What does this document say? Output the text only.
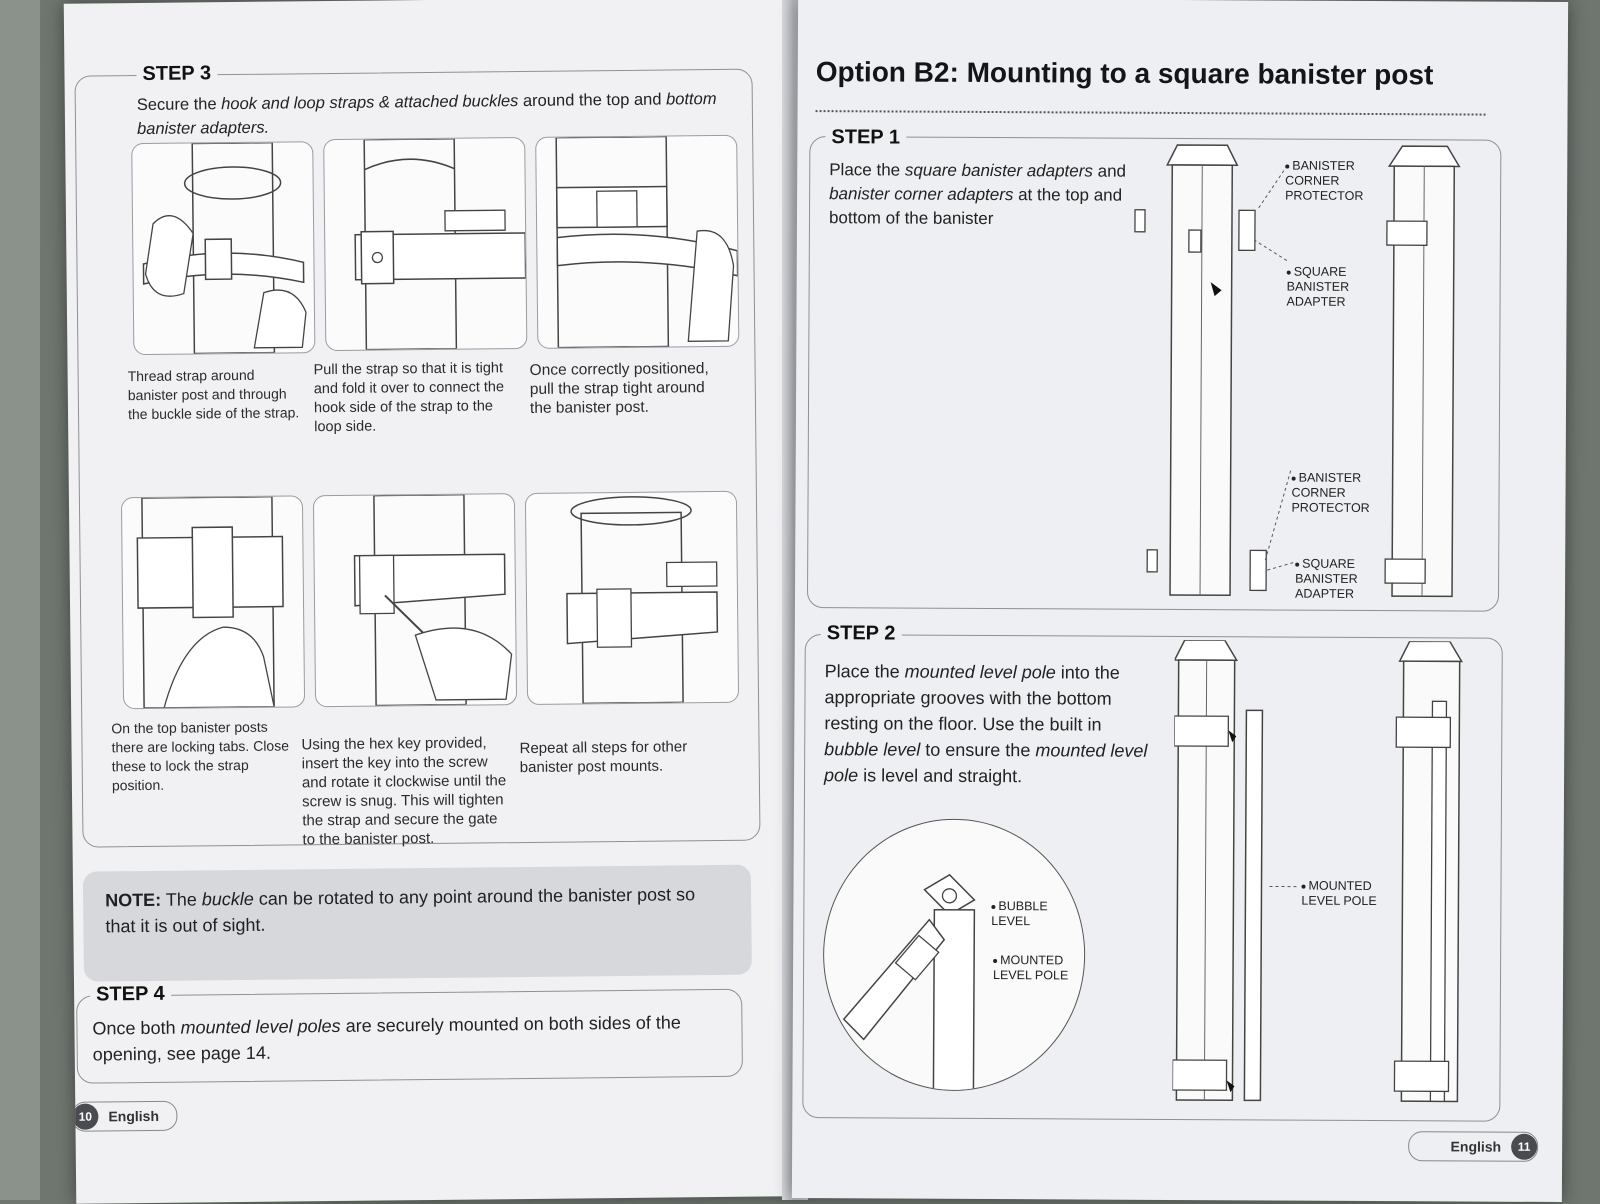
STEP 3
Secure the hook and loop straps & attached buckles around the top and bottom banister adapters.
Thread strap around banister post and through the buckle side of the strap.
Pull the strap so that it is tight and fold it over to connect the hook side of the strap to the loop side.
Once correctly positioned, pull the strap tight around the banister post.
On the top banister posts there are locking tabs. Close these to lock the strap position.
Using the hex key provided, insert the key into the screw and rotate it clockwise until the screw is snug. This will tighten the strap and secure the gate to the banister post.
Repeat all steps for other banister post mounts.
NOTE: The buckle can be rotated to any point around the banister post so that it is out of sight.
STEP 4
Once both mounted level poles are securely mounted on both sides of the opening, see page 14.
10	English
Option B2: Mounting to a square banister post
STEP 1
Place the square banister adapters and banister corner adapters at the top and bottom of the banister
BANISTER CORNER PROTECTOR
SQUARE BANISTER ADAPTER
BANISTER CORNER PROTECTOR
SQUARE BANISTER ADAPTER
STEP 2
Place the mounted level pole into the appropriate grooves with the bottom resting on the floor. Use the built in bubble level to ensure the mounted level pole is level and straight.
BUBBLE LEVEL
MOUNTED LEVEL POLE
MOUNTED LEVEL POLE
English	11
